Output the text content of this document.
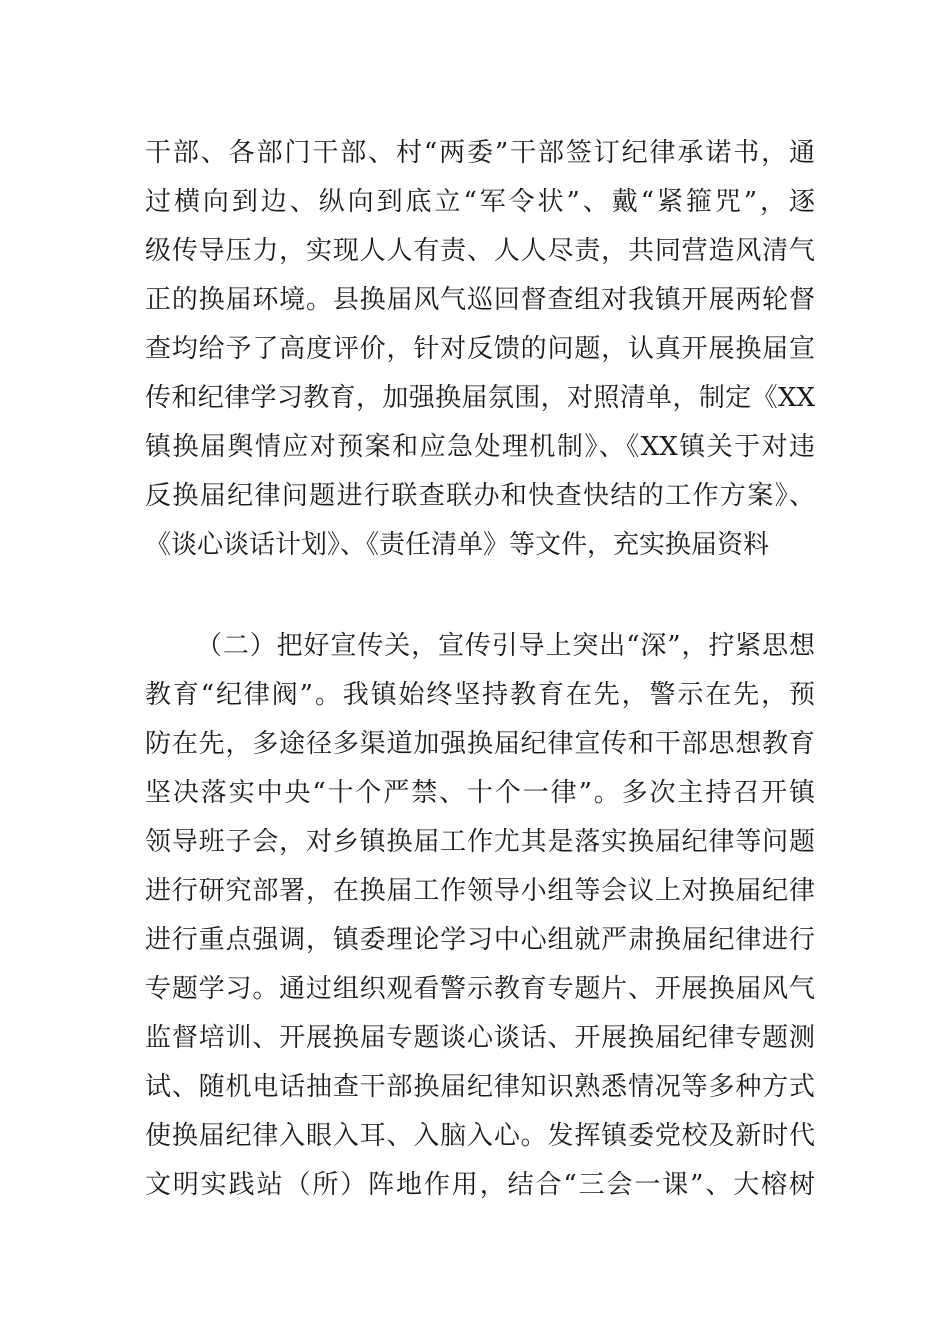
干部、各部门干部、村“两委”干部签订纪律承诺书，通
过横向到边、纵向到底立“军令状”、戴“紧箍咒”，逐
级传导压力，实现人人有责、人人尽责，共同营造风清气
正的换届环境。县换届风气巡回督查组对我镇开展两轮督
查均给予了高度评价，针对反馈的问题，认真开展换届宣
传和纪律学习教育，加强换届氛围，对照清单，制定《XX
镇换届舆情应对预案和应急处理机制》、《XX镇关于对违
反换届纪律问题进行联查联办和快查快结的工作方案》、
《谈心谈话计划》、《责任清单》等文件，充实换届资料
（二）把好宣传关，宣传引导上突出“深”，拧紧思想
教育“纪律阀”。我镇始终坚持教育在先，警示在先，预
防在先，多途径多渠道加强换届纪律宣传和干部思想教育
坚决落实中央“十个严禁、十个一律”。多次主持召开镇
领导班子会，对乡镇换届工作尤其是落实换届纪律等问题
进行研究部署，在换届工作领导小组等会议上对换届纪律
进行重点强调，镇委理论学习中心组就严肃换届纪律进行
专题学习。通过组织观看警示教育专题片、开展换届风气
监督培训、开展换届专题谈心谈话、开展换届纪律专题测
试、随机电话抽查干部换届纪律知识熟悉情况等多种方式
使换届纪律入眼入耳、入脑入心。发挥镇委党校及新时代
文明实践站（所）阵地作用，结合“三会一课”、大榕树
